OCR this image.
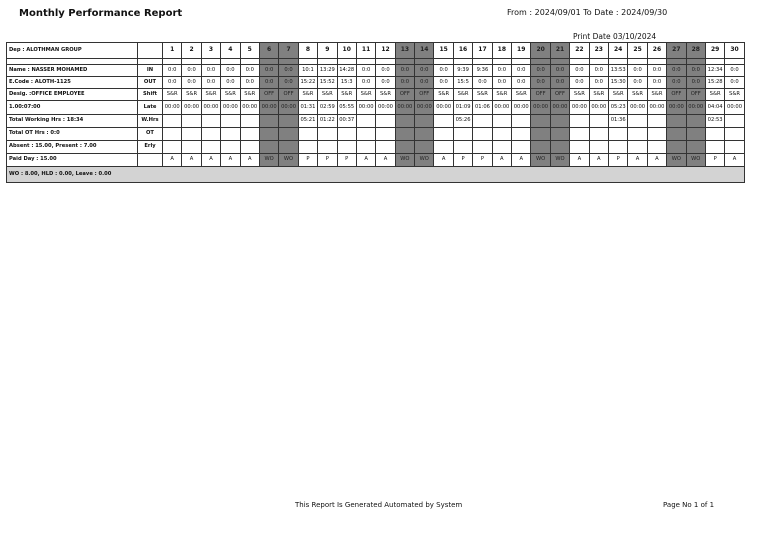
Monthly Performance Report	From : 2024/09/01 To Date : 2024/09/30
Print Date 03/10/2024
Dep : ALOTHMAN GROUP		1	2	3	4	5	6	7	8	9	10	11	12	13	14	15	16	17	18	19	20	21	22	23	24	25	26	27	28	29	30

Name : NASSER MOHAMED	IN	0:0	0:0	0:0	0:0	0:0	0:0	0:0	10:1	13:29	14:28	0:0	0:0	0:0	0:0	0:0	9:39	9:36	0:0	0:0	0:0	0:0	0:0	0:0	13:53	0:0	0:0	0:0	0:0	12:34	0:0
E.Code : ALOTH-1125	OUT	0:0	0:0	0:0	0:0	0:0	0:0	0:0	15:22	15:52	15:3	0:0	0:0	0:0	0:0	0:0	15:5	0:0	0:0	0:0	0:0	0:0	0:0	0:0	15:30	0:0	0:0	0:0	0:0	15:28	0:0
Desig. :OFFICE EMPLOYEE	Shift	S&R	S&R	S&R	S&R	S&R	OFF	OFF	S&R	S&R	S&R	S&R	S&R	OFF	OFF	S&R	S&R	S&R	S&R	S&R	OFF	OFF	S&R	S&R	S&R	S&R	S&R	OFF	OFF	S&R	S&R
1.00:07:00	Late	00:00	00:00	00:00	00:00	00:00	00:00	00:00	01:31	02:59	05:55	00:00	00:00	00:00	00:00	00:00	01:09	01:06	00:00	00:00	00:00	00:00	00:00	00:00	05:23	00:00	00:00	00:00	00:00	04:04	00:00
Total Working Hrs : 18:34	W.Hrs								05:21	01:22	00:37						05:26								01:36					02:53	
Total OT Hrs : 0:0	OT																														
Absent : 15.00, Present : 7.00	Erly																														
Paid Day : 15.00		A	A	A	A	A	WO	WO	P	P	P	A	A	WO	WO	A	P	P	A	A	WO	WO	A	A	P	A	A	WO	WO	P	A
WO : 8.00, HLD : 0.00, Leave : 0.00																															
This Report Is Generated Automated by System	Page No 1 of 1
